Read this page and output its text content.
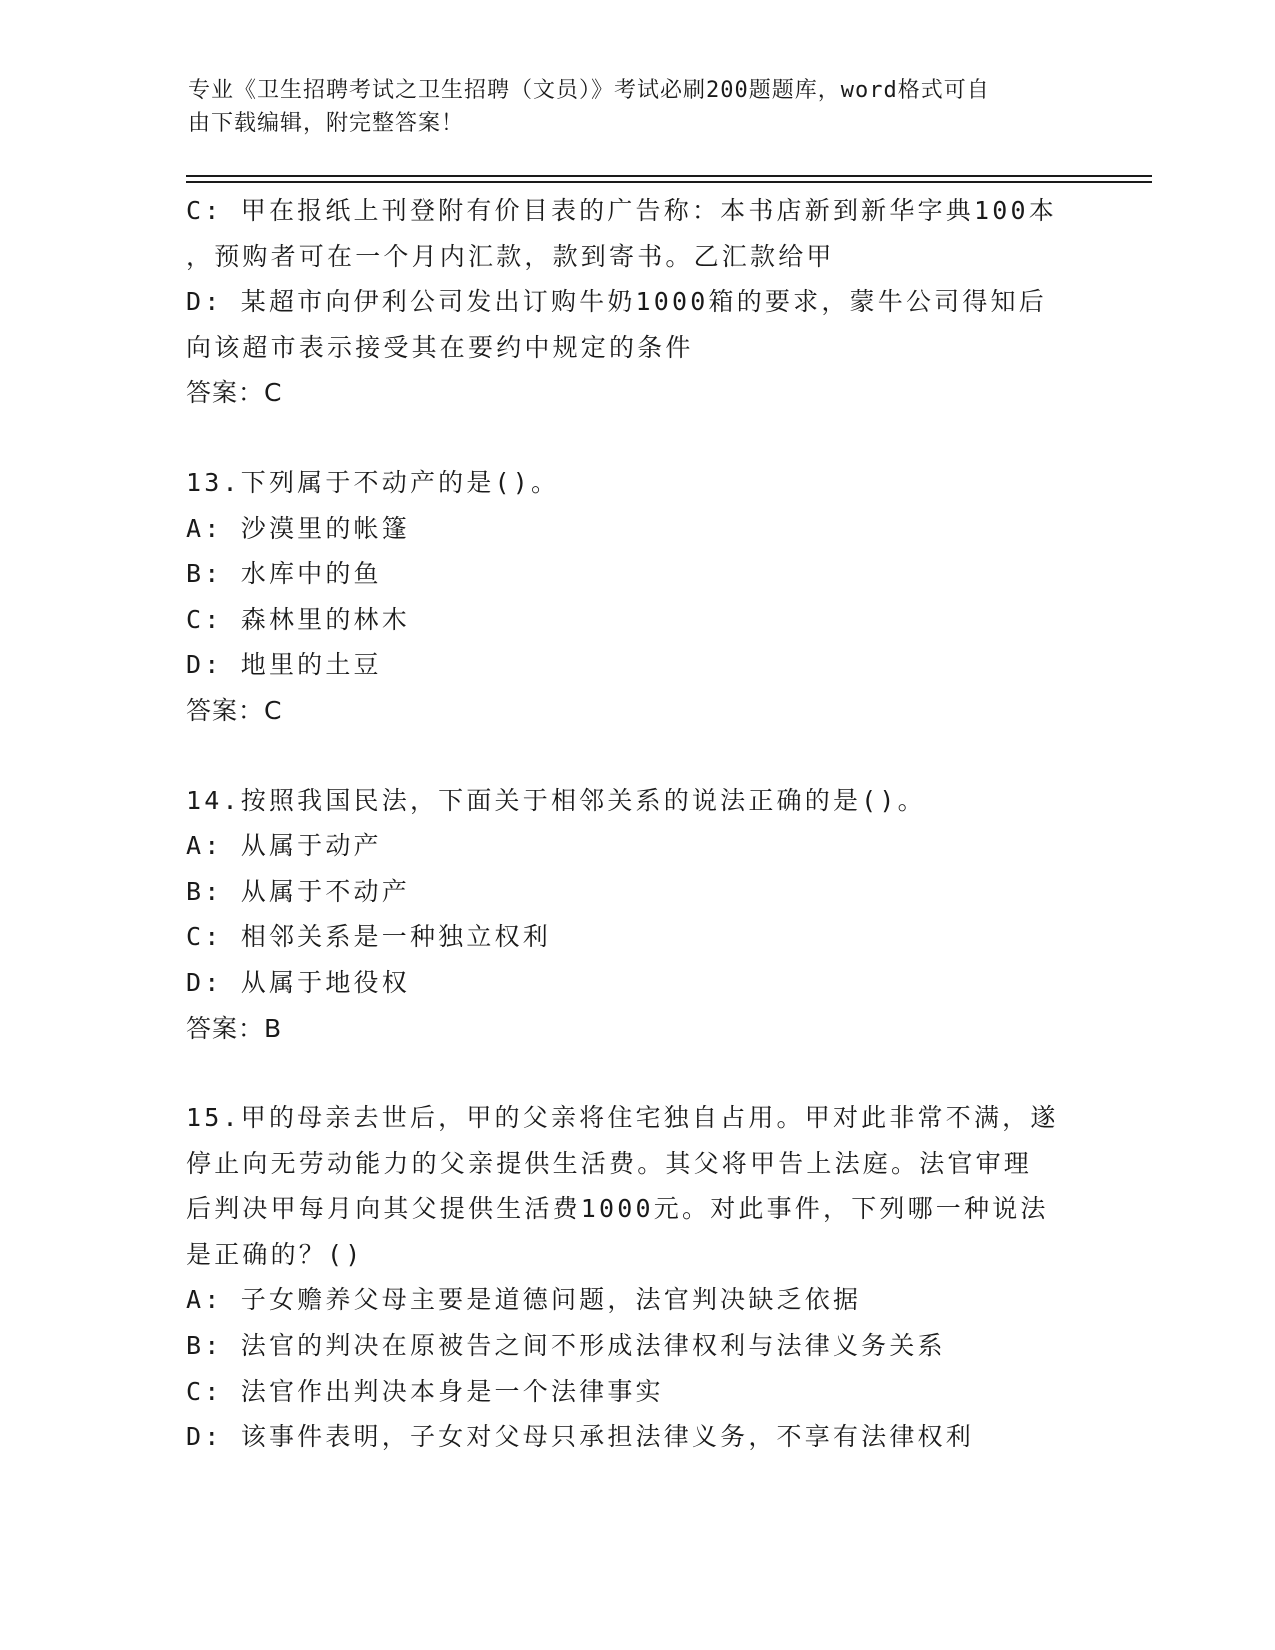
专业《卫生招聘考试之卫生招聘（文员）》考试必刷200题题库，word格式可自
由下载编辑，附完整答案！
C: 甲在报纸上刊登附有价目表的广告称：本书店新到新华字典100本
，预购者可在一个月内汇款，款到寄书。乙汇款给甲
D: 某超市向伊利公司发出订购牛奶1000箱的要求，蒙牛公司得知后
向该超市表示接受其在要约中规定的条件
答案：C
13.下列属于不动产的是()。
A: 沙漠里的帐篷
B: 水库中的鱼
C: 森林里的林木
D: 地里的土豆
答案：C
14.按照我国民法，下面关于相邻关系的说法正确的是()。
A: 从属于动产
B: 从属于不动产
C: 相邻关系是一种独立权利
D: 从属于地役权
答案：B
15.甲的母亲去世后，甲的父亲将住宅独自占用。甲对此非常不满，遂
停止向无劳动能力的父亲提供生活费。其父将甲告上法庭。法官审理
后判决甲每月向其父提供生活费1000元。对此事件，下列哪一种说法
是正确的？()
A: 子女赡养父母主要是道德问题，法官判决缺乏依据
B: 法官的判决在原被告之间不形成法律权利与法律义务关系
C: 法官作出判决本身是一个法律事实
D: 该事件表明，子女对父母只承担法律义务，不享有法律权利
